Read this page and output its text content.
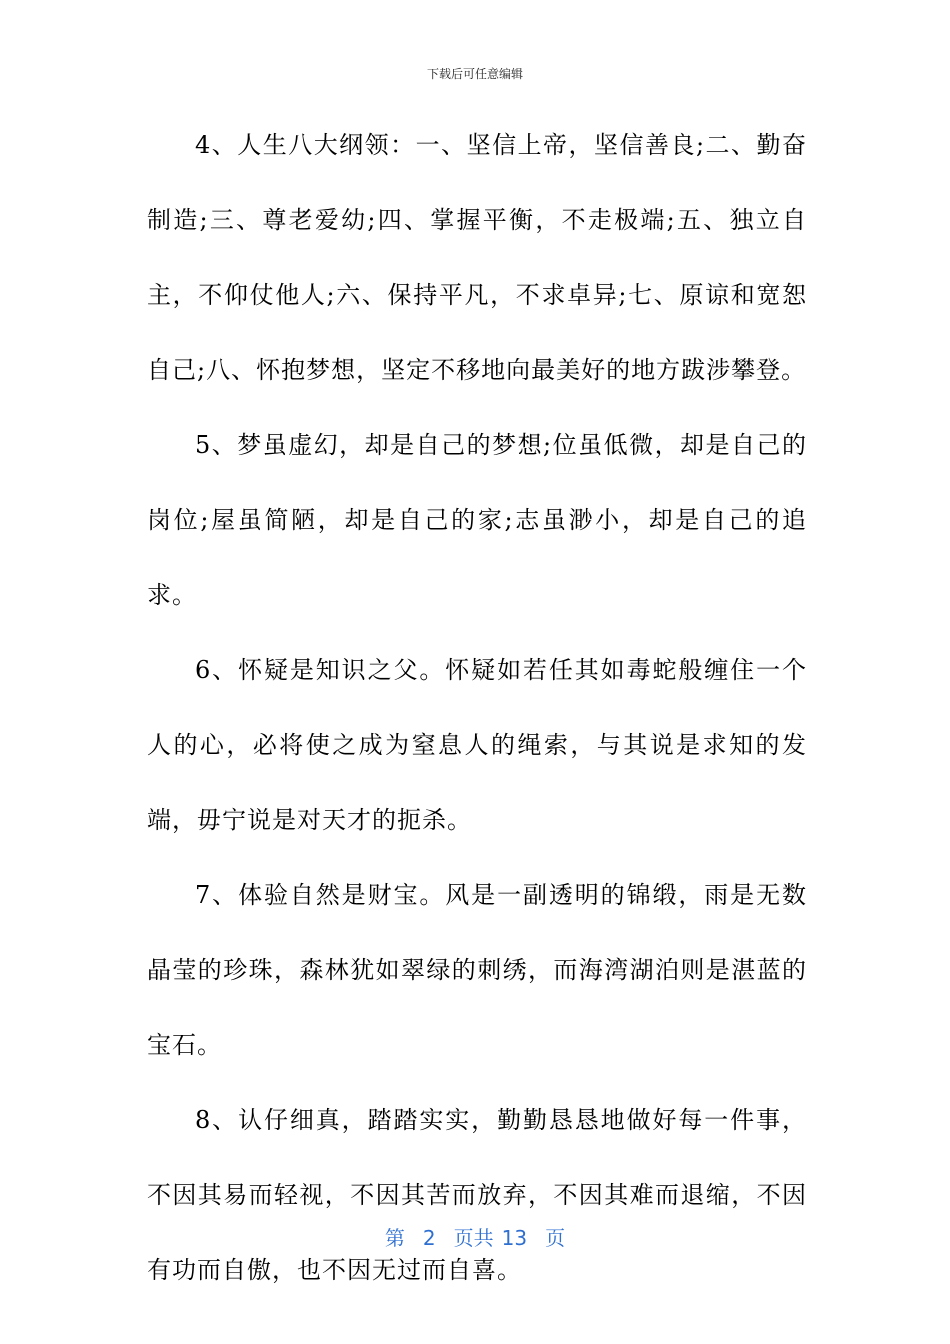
下载后可任意编辑

4、人生八大纲领：一、坚信上帝，坚信善良;二、勤奋制造;三、尊老爱幼;四、掌握平衡，不走极端;五、独立自主，不仰仗他人;六、保持平凡，不求卓异;七、原谅和宽恕自己;八、怀抱梦想，坚定不移地向最美好的地方跋涉攀登。

5、梦虽虚幻，却是自己的梦想;位虽低微，却是自己的岗位;屋虽简陋，却是自己的家;志虽渺小，却是自己的追求。

6、怀疑是知识之父。怀疑如若任其如毒蛇般缠住一个人的心，必将使之成为窒息人的绳索，与其说是求知的发端，毋宁说是对天才的扼杀。

7、体验自然是财宝。风是一副透明的锦缎，雨是无数晶莹的珍珠，森林犹如翠绿的刺绣，而海湾湖泊则是湛蓝的宝石。

8、认仔细真，踏踏实实，勤勤恳恳地做好每一件事，不因其易而轻视，不因其苦而放弃，不因其难而退缩，不因有功而自傲，也不因无过而自喜。

第 2 页共 13 页
